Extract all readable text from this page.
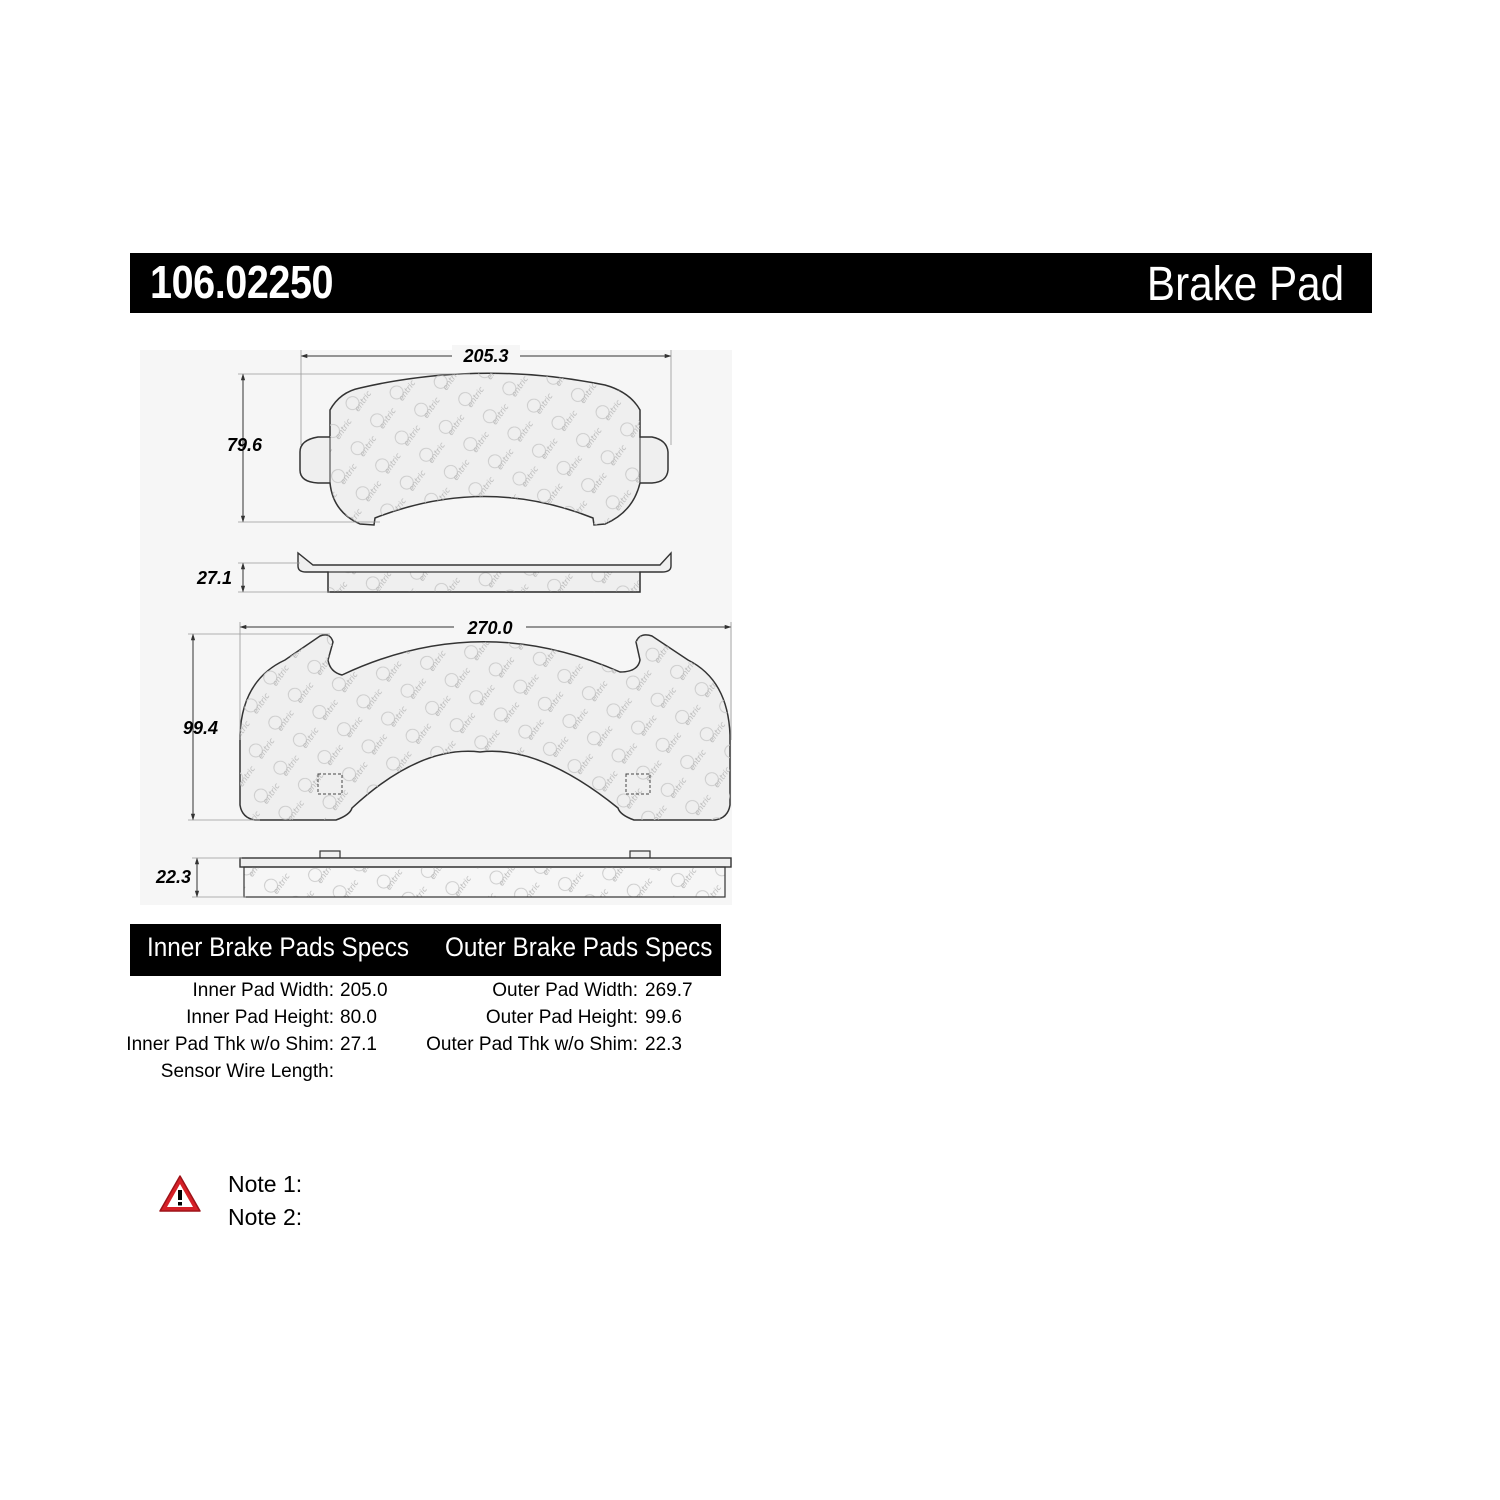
106.02250	Brake Pad
205.3
79.6
27.1
270.0
99.4
22.3
Inner Brake Pads Specs Outer Brake Pads Specs
Inner Pad Width: 205.0
Inner Pad Height: 80.0
Inner Pad Thk w/o Shim: 27.1
Sensor Wire Length:
Outer Pad Width: 269.7
Outer Pad Height: 99.6
Outer Pad Thk w/o Shim: 22.3
Note 1:
Note 2:
